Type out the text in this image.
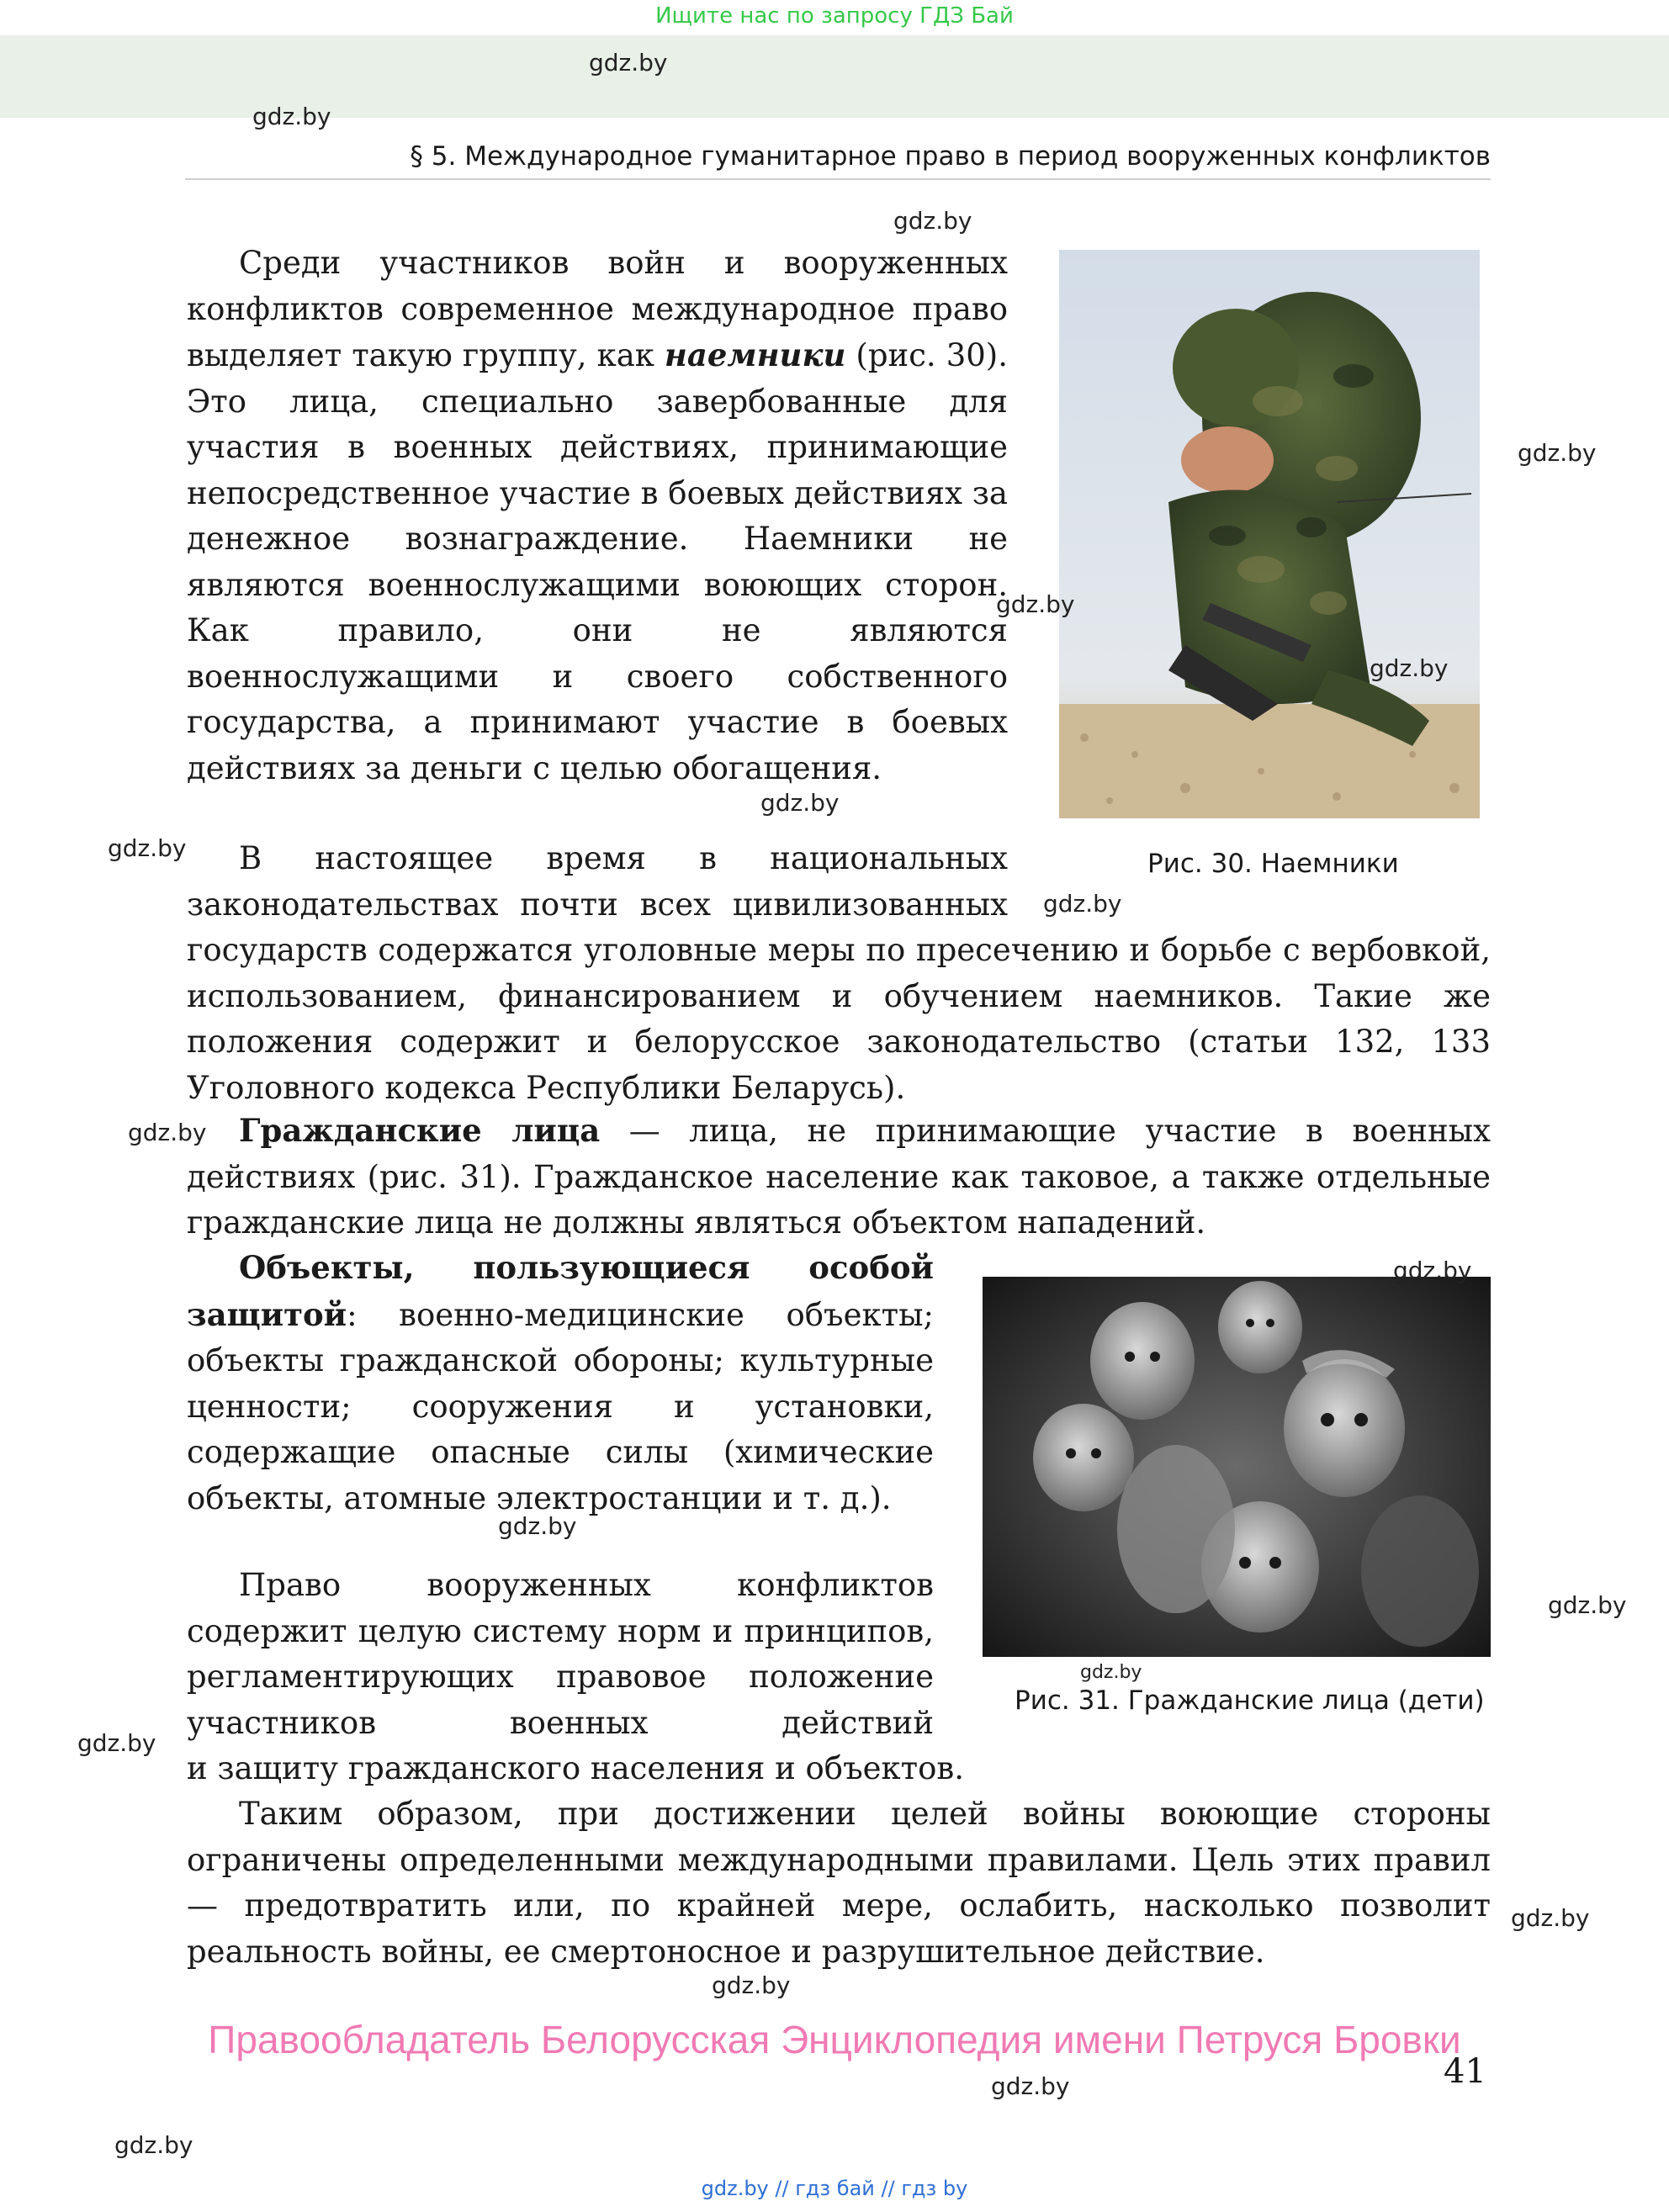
Ищите нас по запросу ГДЗ Бай
§ 5. Международное гуманитарное право в период вооруженных конфликтов
Среди участников войн и вооруженных конфликтов современное международное право выделяет такую группу, как наемники (рис. 30). Это лица, специально завербованные для участия в военных действиях, принимающие непосредственное участие в боевых действиях за денежное вознаграждение. Наемники не являются военнослужащими воюющих сторон. Как правило, они не являются военнослужащими и своего собственного государства, а принимают участие в боевых действиях за деньги с целью обогащения.
Рис. 30. Наемники
В настоящее время в национальных законодательствах почти всех цивилизованных
государств содержатся уголовные меры по пресечению и борьбе с вербовкой, использованием, финансированием и обучением наемников. Такие же положения содержит и белорусское законодательство (статьи 132, 133 Уголовного кодекса Республики Беларусь).
Гражданские лица — лица, не принимающие участие в военных действиях (рис. 31). Гражданское население как таковое, а также отдельные гражданские лица не должны являться объектом нападений.
Объекты, пользующиеся особой защитой: военно-медицинские объекты; объекты гражданской обороны; культурные ценности; сооружения и установки, содержащие опасные силы (химические объекты, атомные электростанции и т. д.).
Право вооруженных конфликтов содержит целую систему норм и принципов, регламентирующих правовое положение участников военных действий
и защиту гражданского населения и объектов.
Рис. 31. Гражданские лица (дети)
Таким образом, при достижении целей войны воюющие стороны ограничены определенными международными правилами. Цель этих правил — предотвратить или, по крайней мере, ослабить, насколько позволит реальность войны, ее смертоносное и разрушительное действие.
Правообладатель Белорусская Энциклопедия имени Петруся Бровки
41
gdz.by
gdz.by
gdz.by
gdz.by
gdz.by
gdz.by
gdz.by
gdz.by
gdz.by
gdz.by
gdz.by
gdz.by
gdz.by
gdz.by
gdz.by
gdz.by
gdz.by
gdz.by
gdz.by
gdz.by // гдз бай // гдз by
